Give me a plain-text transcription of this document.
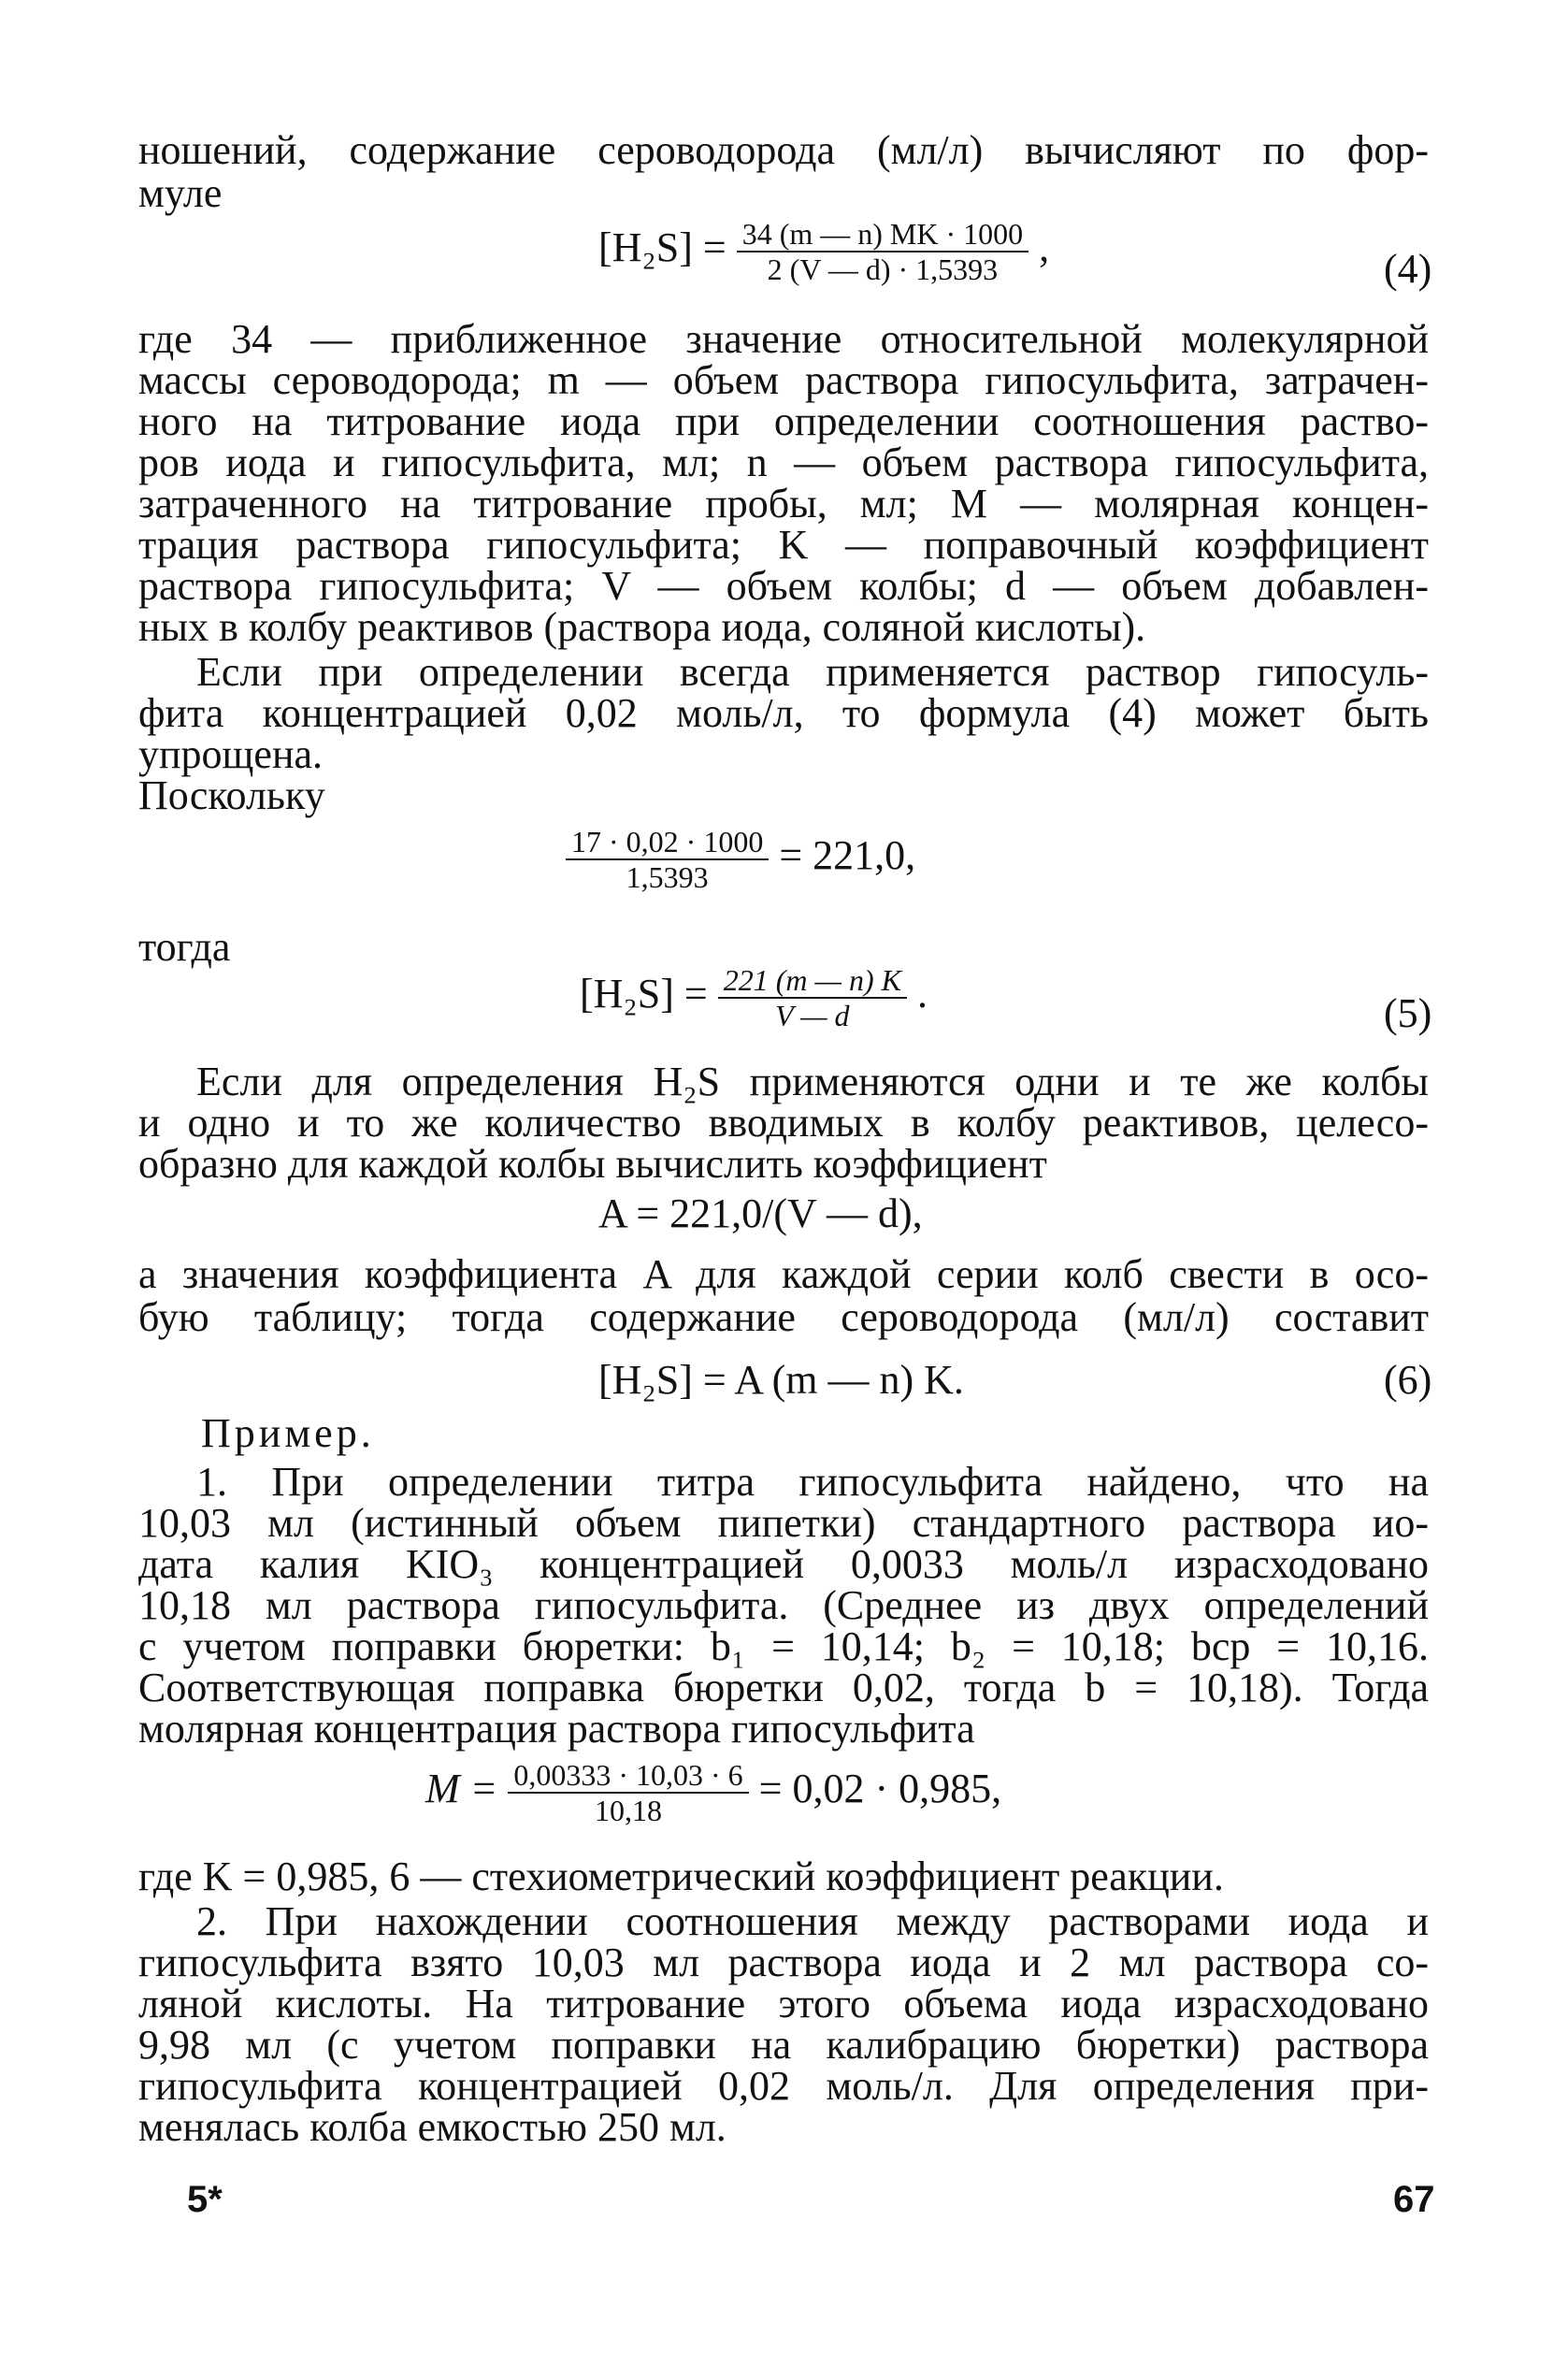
ношений, содержание сероводорода (мл/л) вычисляют по фор-
муле
$[H_2S] = \frac{34 (m — n) MK \cdot 1000}{2 (V — d) \cdot 1,5393}$ ,	(4)
где 34 — приближенное значение относительной молекулярной
массы сероводорода; m — объем раствора гипосульфита, затрачен-
ного на титрование иода при определении соотношения раство-
ров иода и гипосульфита, мл; n — объем раствора гипосульфита,
затраченного на титрование пробы, мл; M — молярная концен-
трация раствора гипосульфита; K — поправочный коэффициент
раствора гипосульфита; V — объем колбы; d — объем добавлен-
ных в колбу реактивов (раствора иода, соляной кислоты).
Если при определении всегда применяется раствор гипосуль-
фита концентрацией 0,02 моль/л, то формула (4) может быть
упрощена.
Поскольку
$\frac{17 \cdot 0,02 \cdot 1000}{1,5393} = 221,0$,
тогда
$[H_2S] = \frac{221 (m — n) K}{V — d}$ .	(5)
Если для определения H₂S применяются одни и те же колбы
и одно и то же количество вводимых в колбу реактивов, целесо-
образно для каждой колбы вычислить коэффициент
A = 221,0/(V — d),
а значения коэффициента A для каждой серии колб свести в осо-
бую таблицу; тогда содержание сероводорода (мл/л) составит
[H₂S] = A (m — n) K.	(6)
Пример.
1. При определении титра гипосульфита найдено, что на
10,03 мл (истинный объем пипетки) стандартного раствора ио-
дата калия KIO₃ концентрацией 0,0033 моль/л израсходовано
10,18 мл раствора гипосульфита. (Среднее из двух определений
с учетом поправки бюретки: b₁ = 10,14; b₂ = 10,18; bср = 10,16.
Соответствующая поправка бюретки 0,02, тогда b = 10,18). Тогда
молярная концентрация раствора гипосульфита
$M = \frac{0,00333 \cdot 10,03 \cdot 6}{10,18} = 0,02 \cdot 0,985$,
где K = 0,985, 6 — стехиометрический коэффициент реакции.
2. При нахождении соотношения между растворами иода и
гипосульфита взято 10,03 мл раствора иода и 2 мл раствора со-
ляной кислоты. На титрование этого объема иода израсходовано
9,98 мл (с учетом поправки на калибрацию бюретки) раствора
гипосульфита концентрацией 0,02 моль/л. Для определения при-
менялась колба емкостью 250 мл.
5*	67
